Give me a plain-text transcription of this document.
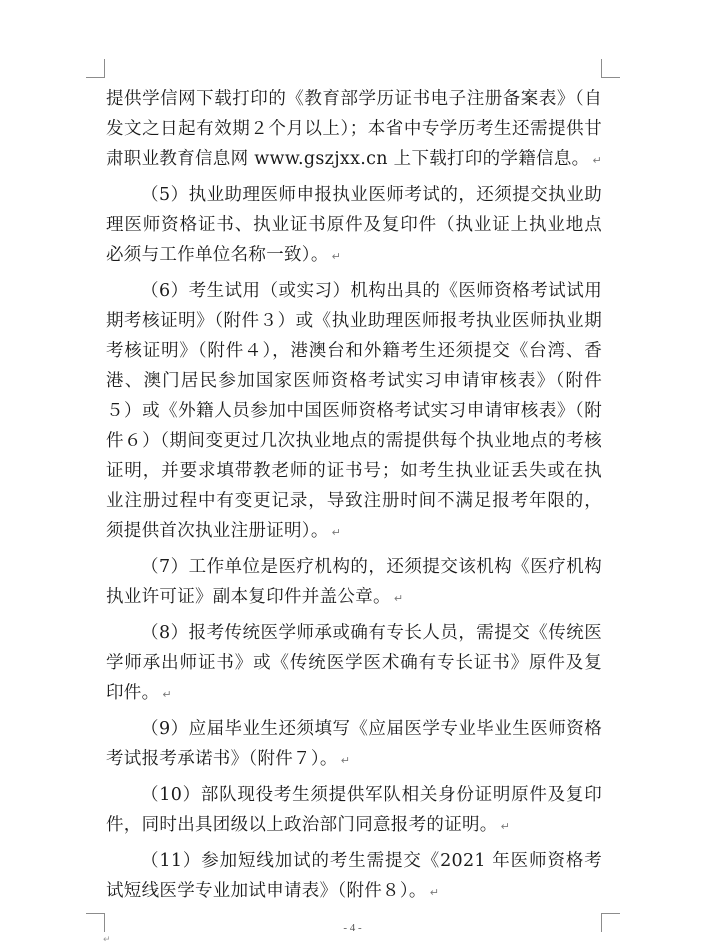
提供学信网下载打印的《教育部学历证书电子注册备案表》（自发文之日起有效期２个月以上）；本省中专学历考生还需提供甘肃职业教育信息网 www.gszjxx.cn 上下载打印的学籍信息。 ↵

（5）执业助理医师申报执业医师考试的，还须提交执业助理医师资格证书、执业证书原件及复印件（执业证上执业地点必须与工作单位名称一致）。 ↵

（6）考生试用（或实习）机构出具的《医师资格考试试用期考核证明》（附件３）或《执业助理医师报考执业医师执业期考核证明》（附件４），港澳台和外籍考生还须提交《台湾、香港、澳门居民参加国家医师资格考试实习申请审核表》（附件５）或《外籍人员参加中国医师资格考试实习申请审核表》（附件６）（期间变更过几次执业地点的需提供每个执业地点的考核证明，并要求填带教老师的证书号；如考生执业证丢失或在执业注册过程中有变更记录，导致注册时间不满足报考年限的，须提供首次执业注册证明）。 ↵

（7）工作单位是医疗机构的，还须提交该机构《医疗机构执业许可证》副本复印件并盖公章。 ↵

（8）报考传统医学师承或确有专长人员，需提交《传统医学师承出师证书》或《传统医学医术确有专长证书》原件及复印件。 ↵

（9）应届毕业生还须填写《应届医学专业毕业生医师资格考试报考承诺书》（附件７）。 ↵

（10）部队现役考生须提供军队相关身份证明原件及复印件，同时出具团级以上政治部门同意报考的证明。 ↵

（11）参加短线加试的考生需提交《2021 年医师资格考试短线医学专业加试申请表》（附件８）。 ↵

- 4 -
↵
